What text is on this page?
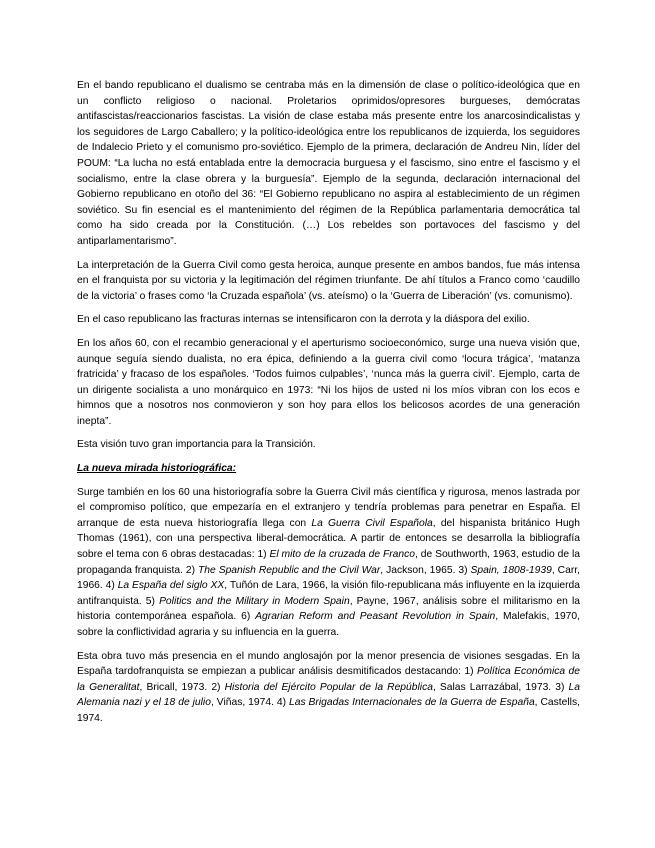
En el bando republicano el dualismo se centraba más en la dimensión de clase o político-ideológica que en un conflicto religioso o nacional. Proletarios oprimidos/opresores burgueses, demócratas antifascistas/reaccionarios fascistas. La visión de clase estaba más presente entre los anarcosindicalistas y los seguidores de Largo Caballero; y la político-ideológica entre los republicanos de izquierda, los seguidores de Indalecio Prieto y el comunismo pro-soviético. Ejemplo de la primera, declaración de Andreu Nin, líder del POUM: “La lucha no está entablada entre la democracia burguesa y el fascismo, sino entre el fascismo y el socialismo, entre la clase obrera y la burguesía”. Ejemplo de la segunda, declaración internacional del Gobierno republicano en otoño del 36: “El Gobierno republicano no aspira al establecimiento de un régimen soviético. Su fin esencial es el mantenimiento del régimen de la República parlamentaria democrática tal como ha sido creada por la Constitución. (…) Los rebeldes son portavoces del fascismo y del antiparlamentarismo”.

La interpretación de la Guerra Civil como gesta heroica, aunque presente en ambos bandos, fue más intensa en el franquista por su victoria y la legitimación del régimen triunfante. De ahí títulos a Franco como ‘caudillo de la victoria’ o frases como ‘la Cruzada española’ (vs. ateísmo) o la ‘Guerra de Liberación’ (vs. comunismo).

En el caso republicano las fracturas internas se intensificaron con la derrota y la diáspora del exilio.

En los años 60, con el recambio generacional y el aperturismo socioeconómico, surge una nueva visión que, aunque seguía siendo dualista, no era épica, definiendo a la guerra civil como ‘locura trágica’, ‘matanza fratricida’ y fracaso de los españoles. ‘Todos fuimos culpables’, ‘nunca más la guerra civil’. Ejemplo, carta de un dirigente socialista a uno monárquico en 1973: “Ni los hijos de usted ni los míos vibran con los ecos e himnos que a nosotros nos conmovieron y son hoy para ellos los belicosos acordes de una generación inepta”.

Esta visión tuvo gran importancia para la Transición.

La nueva mirada historiográfica:

Surge también en los 60 una historiografía sobre la Guerra Civil más científica y rigurosa, menos lastrada por el compromiso político, que empezaría en el extranjero y tendría problemas para penetrar en España. El arranque de esta nueva historiografía llega con La Guerra Civil Española, del hispanista británico Hugh Thomas (1961), con una perspectiva liberal-democrática. A partir de entonces se desarrolla la bibliografía sobre el tema con 6 obras destacadas: 1) El mito de la cruzada de Franco, de Southworth, 1963, estudio de la propaganda franquista. 2) The Spanish Republic and the Civil War, Jackson, 1965. 3) Spain, 1808-1939, Carr, 1966. 4) La España del siglo XX, Tuñón de Lara, 1966, la visión filo-republicana más influyente en la izquierda antifranquista. 5) Politics and the Military in Modern Spain, Payne, 1967, análisis sobre el militarismo en la historia contemporánea española. 6) Agrarian Reform and Peasant Revolution in Spain, Malefakis, 1970, sobre la conflictividad agraria y su influencia en la guerra.

Esta obra tuvo más presencia en el mundo anglosajón por la menor presencia de visiones sesgadas. En la España tardofranquista se empiezan a publicar análisis desmitificados destacando: 1) Política Económica de la Generalitat, Bricall, 1973. 2) Historia del Ejército Popular de la República, Salas Larrazábal, 1973. 3) La Alemania nazi y el 18 de julio, Viñas, 1974. 4) Las Brigadas Internacionales de la Guerra de España, Castells, 1974.
